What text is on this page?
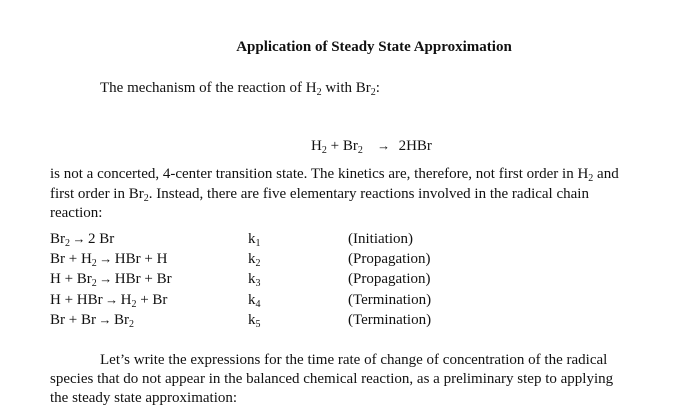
Application of Steady State Approximation
The mechanism of the reaction of $H_2$ with $Br_2$:
$H_2 + Br_2 \to 2HBr$
is not a concerted, 4-center transition state. The kinetics are, therefore, not first order in $H_2$ and
first order in $Br_2$. Instead, there are five elementary reactions involved in the radical chain
reaction:
$Br_2 \to 2$ Br	$k_1$	(Initiation)
$Br + H_2$ → HBr + H	$k_2$	(Propagation)
$H + Br_2$ → HBr + Br	$k_3$	(Propagation)
H + HBr → $H_2 + Br$	$k_4$	(Termination)
$Br + Br \to Br_2$	$k_5$	(Termination)
Let’s write the expressions for the time rate of change of concentration of the radical
species that do not appear in the balanced chemical reaction, as a preliminary step to applying
the steady state approximation:
